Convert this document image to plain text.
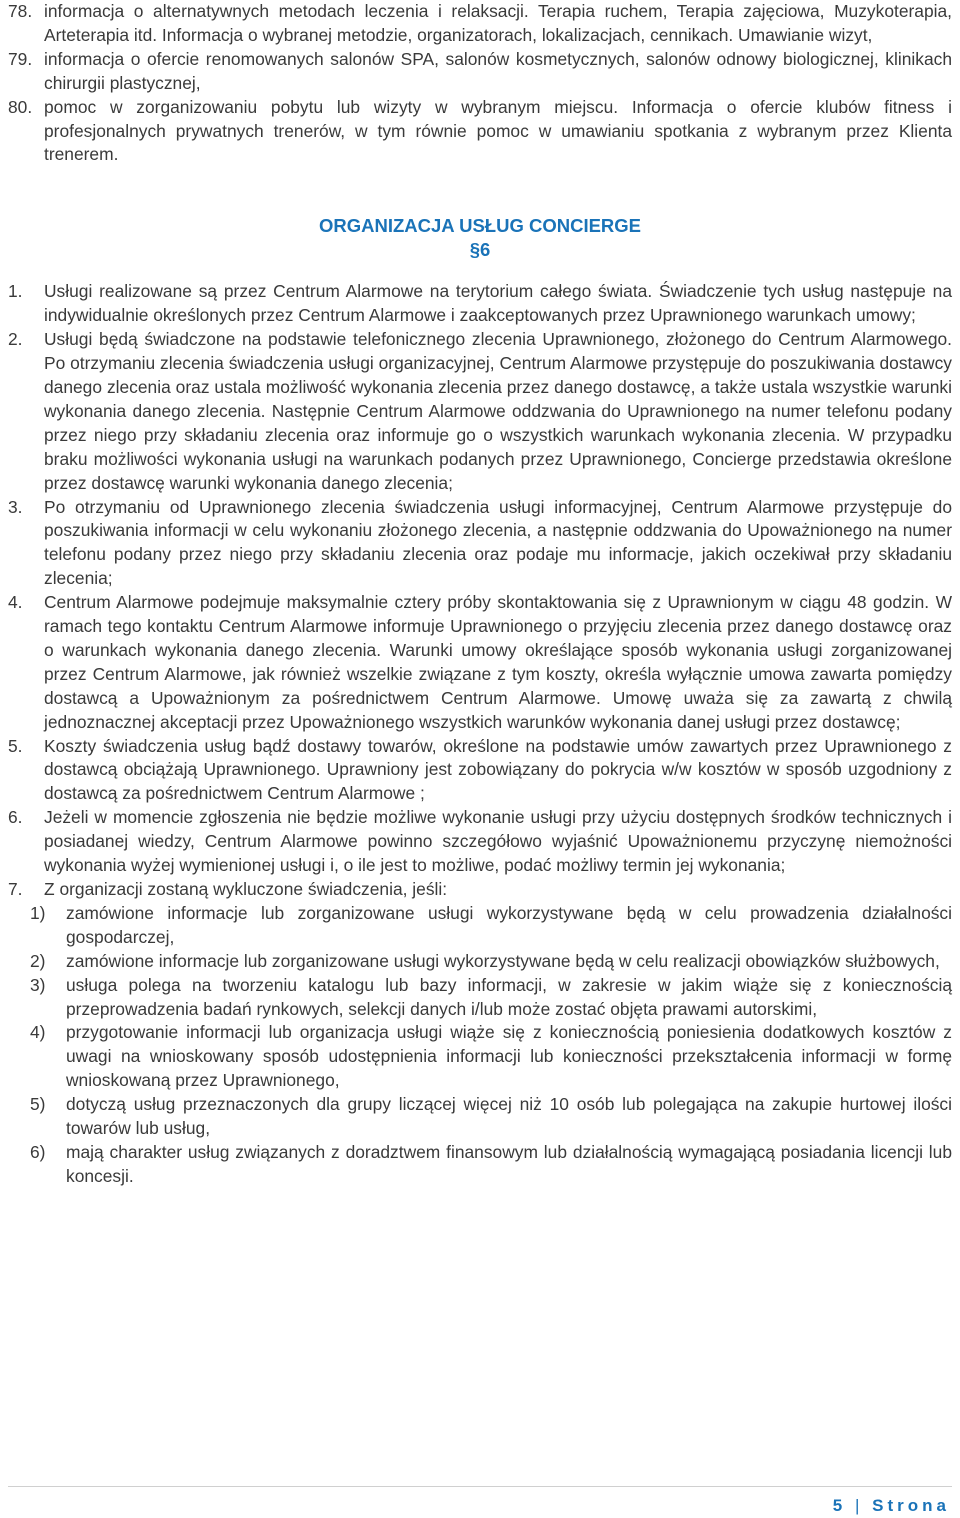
78. informacja o alternatywnych metodach leczenia i relaksacji. Terapia ruchem, Terapia zajęciowa, Muzykoterapia, Arteterapia itd. Informacja o wybranej metodzie, organizatorach, lokalizacjach, cennikach. Umawianie wizyt,
79. informacja o ofercie renomowanych salonów SPA, salonów kosmetycznych, salonów odnowy biologicznej, klinikach chirurgii plastycznej,
80. pomoc w zorganizowaniu pobytu lub wizyty w wybranym miejscu. Informacja o ofercie klubów fitness i profesjonalnych prywatnych trenerów, w tym równie pomoc w umawianiu spotkania z wybranym przez Klienta trenerem.
ORGANIZACJA USŁUG CONCIERGE
§6
1. Usługi realizowane są przez Centrum Alarmowe na terytorium całego świata. Świadczenie tych usług następuje na indywidualnie określonych przez Centrum Alarmowe i zaakceptowanych przez Uprawnionego warunkach umowy;
2. Usługi będą świadczone na podstawie telefonicznego zlecenia Uprawnionego, złożonego do Centrum Alarmowego. Po otrzymaniu zlecenia świadczenia usługi organizacyjnej, Centrum Alarmowe przystępuje do poszukiwania dostawcy danego zlecenia oraz ustala możliwość wykonania zlecenia przez danego dostawcę, a także ustala wszystkie warunki wykonania danego zlecenia. Następnie Centrum Alarmowe oddzwania do Uprawnionego na numer telefonu podany przez niego przy składaniu zlecenia oraz informuje go o wszystkich warunkach wykonania zlecenia. W przypadku braku możliwości wykonania usługi na warunkach podanych przez Uprawnionego, Concierge przedstawia określone przez dostawcę warunki wykonania danego zlecenia;
3. Po otrzymaniu od Uprawnionego zlecenia świadczenia usługi informacyjnej, Centrum Alarmowe przystępuje do poszukiwania informacji w celu wykonaniu złożonego zlecenia, a następnie oddzwania do Upoważnionego na numer telefonu podany przez niego przy składaniu zlecenia oraz podaje mu informacje, jakich oczekiwał przy składaniu zlecenia;
4. Centrum Alarmowe podejmuje maksymalnie cztery próby skontaktowania się z Uprawnionym w ciągu 48 godzin. W ramach tego kontaktu Centrum Alarmowe informuje Uprawnionego o przyjęciu zlecenia przez danego dostawcę oraz o warunkach wykonania danego zlecenia. Warunki umowy określające sposób wykonania usługi zorganizowanej przez Centrum Alarmowe, jak również wszelkie związane z tym koszty, określa wyłącznie umowa zawarta pomiędzy dostawcą a Upoważnionym za pośrednictwem Centrum Alarmowe. Umowę uważa się za zawartą z chwilą jednoznacznej akceptacji przez Upoważnionego wszystkich warunków wykonania danej usługi przez dostawcę;
5. Koszty świadczenia usług bądź dostawy towarów, określone na podstawie umów zawartych przez Uprawnionego z dostawcą obciążają Uprawnionego. Uprawniony jest zobowiązany do pokrycia w/w kosztów w sposób uzgodniony z dostawcą za pośrednictwem Centrum Alarmowe ;
6. Jeżeli w momencie zgłoszenia nie będzie możliwe wykonanie usługi przy użyciu dostępnych środków technicznych i posiadanej wiedzy, Centrum Alarmowe powinno szczegółowo wyjaśnić Upoważnionemu przyczynę niemożności wykonania wyżej wymienionej usługi i, o ile jest to możliwe, podać możliwy termin jej wykonania;
7. Z organizacji zostaną wykluczone świadczenia, jeśli:
1) zamówione informacje lub zorganizowane usługi wykorzystywane będą w celu prowadzenia działalności gospodarczej,
2) zamówione informacje lub zorganizowane usługi wykorzystywane będą w celu realizacji obowiązków służbowych,
3) usługa polega na tworzeniu katalogu lub bazy informacji, w zakresie w jakim wiąże się z koniecznością przeprowadzenia badań rynkowych, selekcji danych i/lub może zostać objęta prawami autorskimi,
4) przygotowanie informacji lub organizacja usługi wiąże się z koniecznością poniesienia dodatkowych kosztów z uwagi na wnioskowany sposób udostępnienia informacji lub konieczności przekształcenia informacji w formę wnioskowaną przez Uprawnionego,
5) dotyczą usług przeznaczonych dla grupy liczącej więcej niż 10 osób lub polegająca na zakupie hurtowej ilości towarów lub usług,
6) mają charakter usług związanych z doradztwem finansowym lub działalnością wymagającą posiadania licencji lub koncesji.
5 | Strona
